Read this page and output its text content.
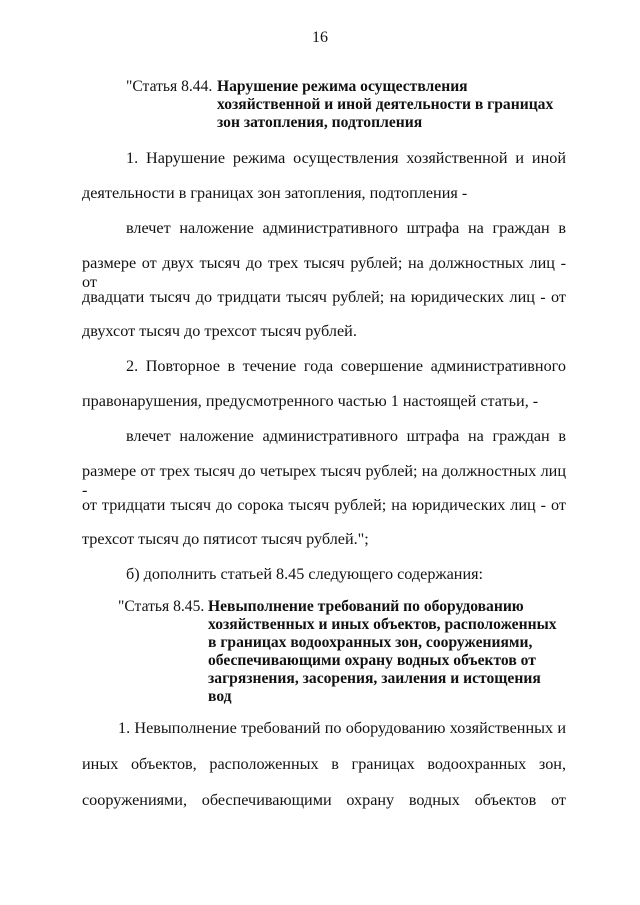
16
"Статья 8.44. Нарушение режима осуществления
хозяйственной и иной деятельности в границах
зон затопления, подтопления
1. Нарушение режима осуществления хозяйственной и иной
деятельности в границах зон затопления, подтопления -
влечет наложение административного штрафа на граждан в
размере от двух тысяч до трех тысяч рублей; на должностных лиц - от
двадцати тысяч до тридцати тысяч рублей; на юридических лиц - от
двухсот тысяч до трехсот тысяч рублей.
2. Повторное в течение года совершение административного
правонарушения, предусмотренного частью 1 настоящей статьи, -
влечет наложение административного штрафа на граждан в
размере от трех тысяч до четырех тысяч рублей; на должностных лиц -
от тридцати тысяч до сорока тысяч рублей; на юридических лиц - от
трехсот тысяч до пятисот тысяч рублей.";
б) дополнить статьей 8.45 следующего содержания:
"Статья 8.45. Невыполнение требований по оборудованию
хозяйственных и иных объектов, расположенных
в границах водоохранных зон, сооружениями,
обеспечивающими охрану водных объектов от
загрязнения, засорения, заиления и истощения
вод
1. Невыполнение требований по оборудованию хозяйственных и
иных объектов, расположенных в границах водоохранных зон,
сооружениями, обеспечивающими охрану водных объектов от
